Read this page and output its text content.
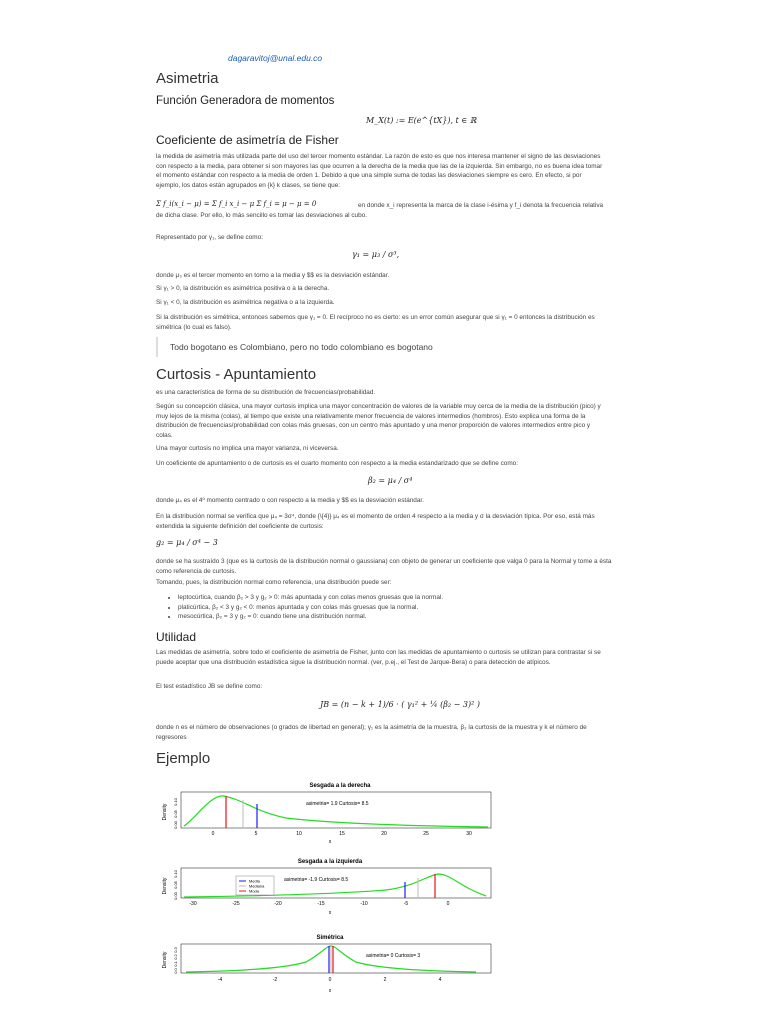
dagaravitoj@unal.edu.co
Asimetria
Función Generadora de momentos
M_X(t) := E(e^{tX}), t ∈ ℝ
Coeficiente de asimetría de Fisher

la medida de asimetría más utilizada parte del uso del tercer momento estándar. La razón de esto es que nos interesa mantener el signo de las desviaciones con respecto a la media, para obtener si son mayores las que ocurren a la derecha de la media que las de la izquierda. Sin embargo, no es buena idea tomar el momento estándar con respecto a la media de orden 1. Debido a que una simple suma de todas las desviaciones siempre es cero. En efecto, si por ejemplo, los datos están agrupados en {k} k clases, se tiene que:

Σ f_i(x_i − μ) = Σ f_i x_i − μ Σ f_i = μ − μ = 0	en donde x_i representa la marca de la clase i-ésima y f_i denota la frecuencia relativa de dicha clase. Por ello, lo más sencillo es tomar las desviaciones al cubo.

Representado por γ₁, se define como:

γ₁ = μ₃ / σ³,

donde μ₃ es el tercer momento en torno a la media y $$ es la desviación estándar.

Si γ₁ > 0, la distribución es asimétrica positiva o a la derecha.

Si γ₁ < 0, la distribución es asimétrica negativa o a la izquierda.

Si la distribución es simétrica, entonces sabemos que γ₁ = 0. El recíproco no es cierto: es un error común asegurar que si γ₁ = 0 entonces la distribución es simétrica (lo cual es falso).

Todo bogotano es Colombiano, pero no todo colombiano es bogotano
Curtosis - Apuntamiento

es una característica de forma de su distribución de frecuencias/probabilidad.

Según su concepción clásica, una mayor curtosis implica una mayor concentración de valores de la variable muy cerca de la media de la distribución (pico) y muy lejos de la misma (colas), al tiempo que existe una relativamente menor frecuencia de valores intermedios (hombros). Esto explica una forma de la distribución de frecuencias/probabilidad con colas más gruesas, con un centro más apuntado y una menor proporción de valores intermedios entre pico y colas.

Una mayor curtosis no implica una mayor varianza, ni viceversa.

Un coeficiente de apuntamiento o de curtosis es el cuarto momento con respecto a la media estandarizado que se define como:

β₂ = μ₄ / σ⁴

donde μ₄ es el 4º momento centrado o con respecto a la media y $$ es la desviación estándar.

En la distribución normal se verifica que μ₄ = 3σ⁴, donde {\{4}} μ₄ es el momento de orden 4 respecto a la media y σ la desviación típica. Por eso, está más extendida la siguiente definición del coeficiente de curtosis:

g₂ = μ₄ / σ⁴ − 3

donde se ha sustraído 3 (que es la curtosis de la distribución normal o gaussiana) con objeto de generar un coeficiente que valga 0 para la Normal y tome a ésta como referencia de curtosis.

Tomando, pues, la distribución normal como referencia, una distribución puede ser:

• leptocúrtica, cuando β₂ > 3 y g₂ > 0: más apuntada y con colas menos gruesas que la normal.
• platicúrtica, β₂ < 3 y g₂ < 0: menos apuntada y con colas más gruesas que la normal.
• mesocúrtica, β₂ = 3 y g₂ = 0: cuando tiene una distribución normal.
Utilidad

Las medidas de asimetría, sobre todo el coeficiente de asimetría de Fisher, junto con las medidas de apuntamiento o curtosis se utilizan para contrastar si se puede aceptar que una distribución estadística sigue la distribución normal. (ver, p.ej., el Test de Jarque-Bera) o para detección de atípicos.

El test estadístico JB se define como:

JB = (n − k + 1)/6 · ( γ₁² + ¼ (β₂ − 3)² )

donde n es el número de observaciones (o grados de libertad en general); γ₁ es la asimetría de la muestra, β₂ la curtosis de la muestra y k el número de regresores

Ejemplo
Sesgada a la derecha
Density	asimetria= 1.9 Curtosis= 8.5
0	5	10	15	20	25	30
0.00
0.05
0.10
x
Sesgada a la izquierda
Density	asimetria= -1.9 Curtosis= 8.5
Media
Mediana
Moda
-30	-25	-20	-15	-10	-5	0
0.00
0.05
0.10
x
Simétrica
Density	asimetria= 0 Curtosis= 3
-4	-2	0	2	4
0.0
0.1
0.2
0.3
x
